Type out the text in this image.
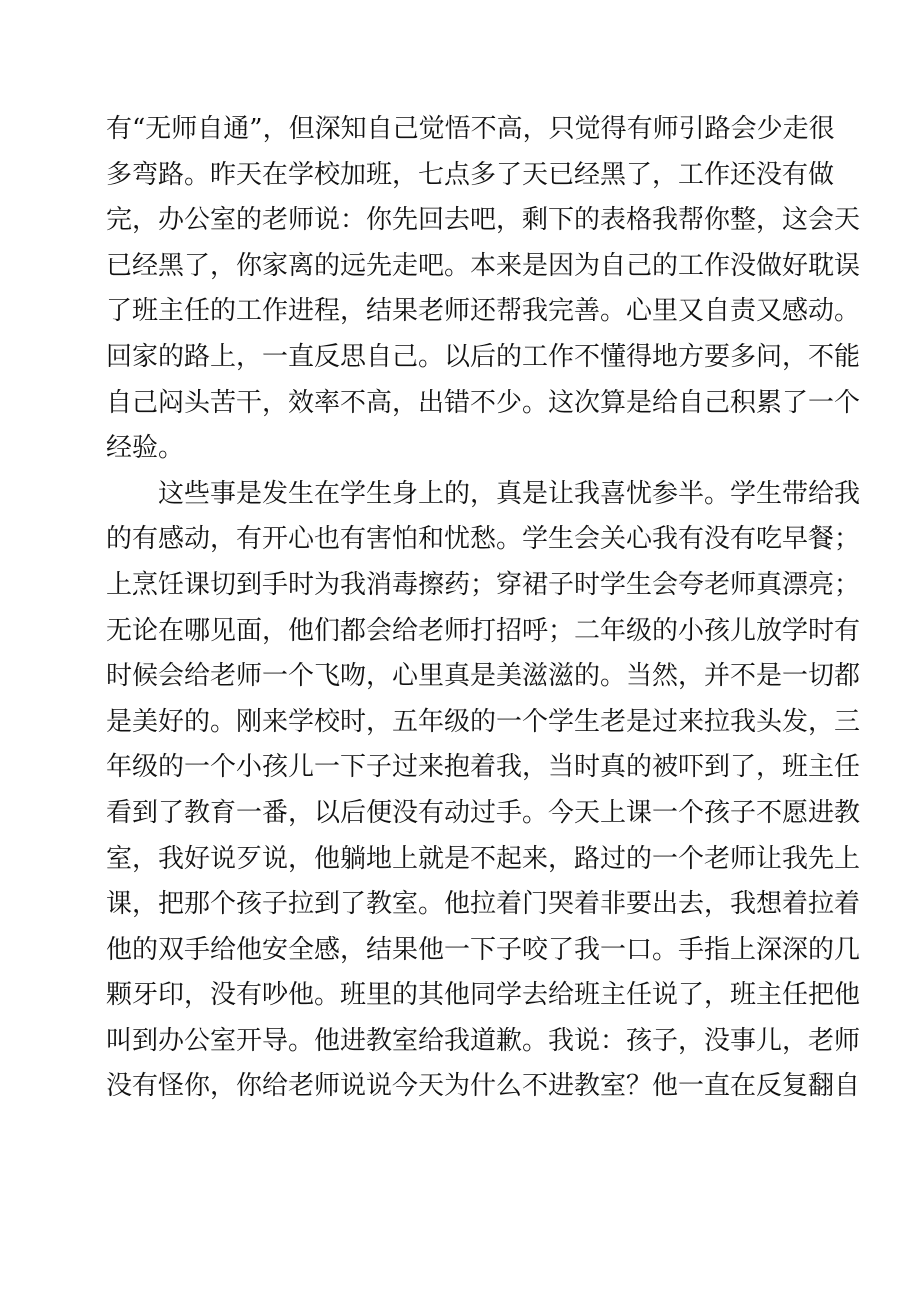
有“无师自通”，但深知自己觉悟不高，只觉得有师引路会少走很
多弯路。昨天在学校加班，七点多了天已经黑了，工作还没有做
完，办公室的老师说：你先回去吧，剩下的表格我帮你整，这会天
已经黑了，你家离的远先走吧。本来是因为自己的工作没做好耽误
了班主任的工作进程，结果老师还帮我完善。心里又自责又感动。
回家的路上，一直反思自己。以后的工作不懂得地方要多问，不能
自己闷头苦干，效率不高，出错不少。这次算是给自己积累了一个
经验。
这些事是发生在学生身上的，真是让我喜忧参半。学生带给我
的有感动，有开心也有害怕和忧愁。学生会关心我有没有吃早餐；
上烹饪课切到手时为我消毒擦药；穿裙子时学生会夸老师真漂亮；
无论在哪见面，他们都会给老师打招呼；二年级的小孩儿放学时有
时候会给老师一个飞吻，心里真是美滋滋的。当然，并不是一切都
是美好的。刚来学校时，五年级的一个学生老是过来拉我头发，三
年级的一个小孩儿一下子过来抱着我，当时真的被吓到了，班主任
看到了教育一番，以后便没有动过手。今天上课一个孩子不愿进教
室，我好说歹说，他躺地上就是不起来，路过的一个老师让我先上
课，把那个孩子拉到了教室。他拉着门哭着非要出去，我想着拉着
他的双手给他安全感，结果他一下子咬了我一口。手指上深深的几
颗牙印，没有吵他。班里的其他同学去给班主任说了，班主任把他
叫到办公室开导。他进教室给我道歉。我说：孩子，没事儿，老师
没有怪你，你给老师说说今天为什么不进教室？他一直在反复翻自
